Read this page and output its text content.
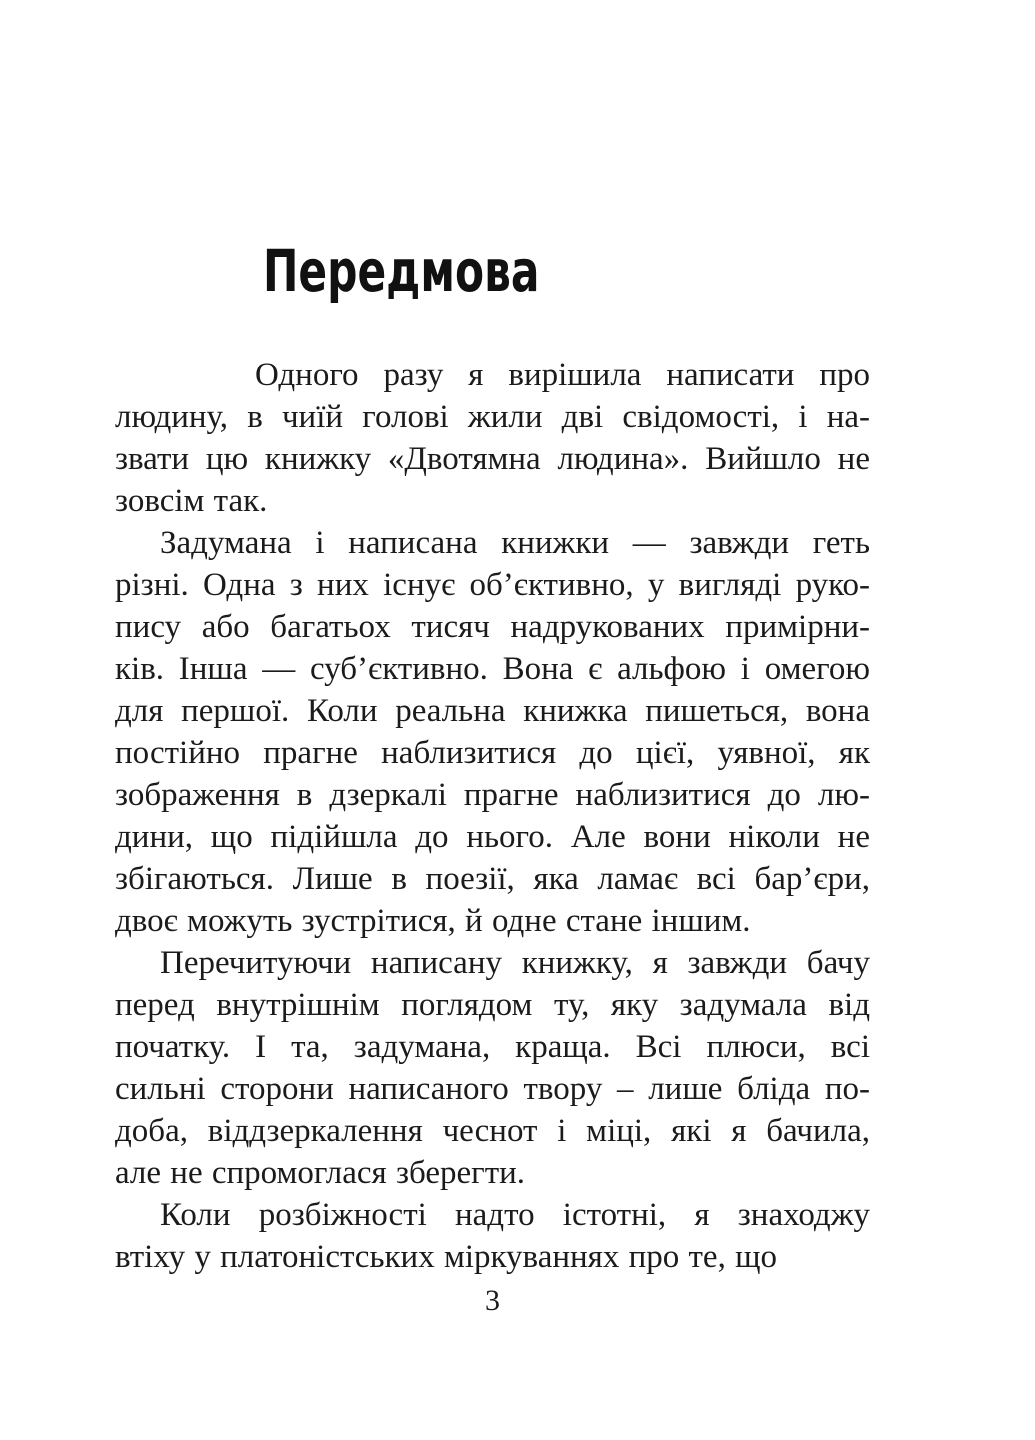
Передмова
Одного разу я вирішила написати про
людину, в чиїй голові жили дві свідомості, і на-
звати цю книжку «Двотямна людина». Вийшло не
зовсім так.
Задумана і написана книжки — завжди геть
різні. Одна з них існує об’єктивно, у вигляді руко-
пису або багатьох тисяч надрукованих примірни-
ків. Інша — суб’єктивно. Вона є альфою і омегою
для першої. Коли реальна книжка пишеться, вона
постійно прагне наблизитися до цієї, уявної, як
зображення в дзеркалі прагне наблизитися до лю-
дини, що підійшла до нього. Але вони ніколи не
збігаються. Лише в поезії, яка ламає всі бар’єри,
двоє можуть зустрітися, й одне стане іншим.
Перечитуючи написану книжку, я завжди бачу
перед внутрішнім поглядом ту, яку задумала від
початку. І та, задумана, краща. Всі плюси, всі
сильні сторони написаного твору – лише бліда по-
доба, віддзеркалення чеснот і міці, які я бачила,
але не спромоглася зберегти.
Коли розбіжності надто істотні, я знаходжу
втіху у платоністських міркуваннях про те, що
3
